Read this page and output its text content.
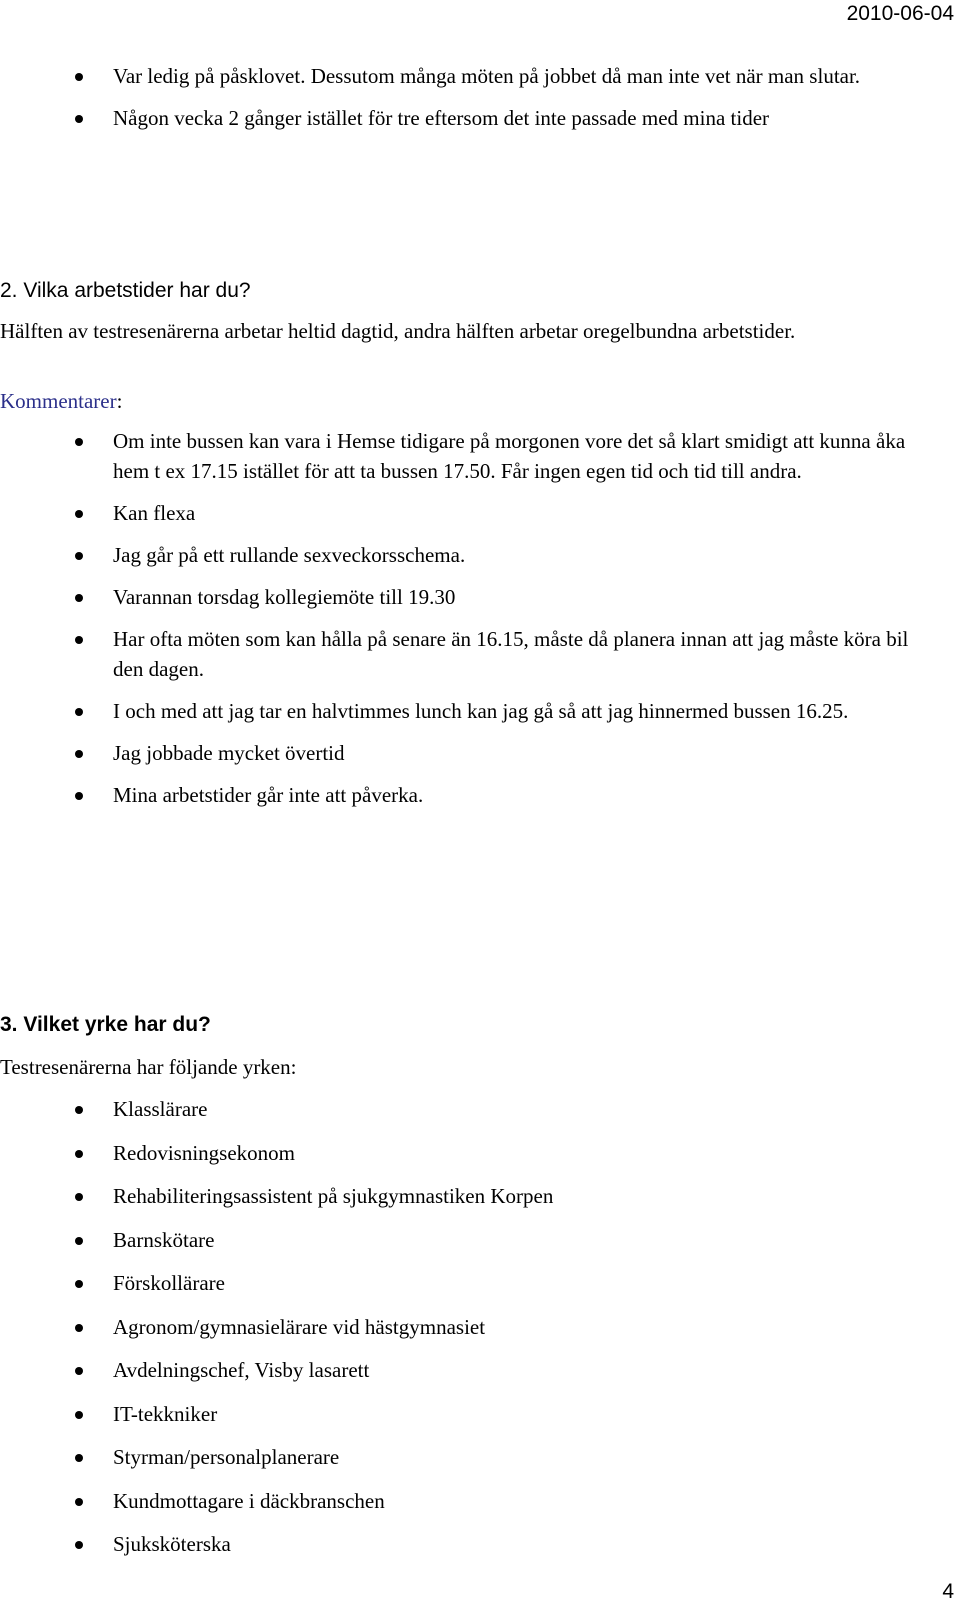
2010-06-04
Var ledig på påsklovet. Dessutom många möten på jobbet då man inte vet när man slutar.
Någon vecka 2 gånger istället för tre eftersom det inte passade med mina tider
2. Vilka arbetstider har du?
Hälften av testresenärerna arbetar heltid dagtid, andra hälften arbetar oregelbundna arbetstider.
Kommentarer:
Om inte bussen kan vara i Hemse tidigare på morgonen vore det så klart smidigt att kunna åka hem t ex 17.15 istället för att ta bussen 17.50. Får ingen egen tid och tid till andra.
Kan flexa
Jag går på ett rullande sexveckorsschema.
Varannan torsdag kollegiemöte till 19.30
Har ofta möten som kan hålla på senare än 16.15, måste då planera innan att jag måste köra bil den dagen.
I och med att jag tar en halvtimmes lunch kan jag gå så att jag hinnermed bussen 16.25.
Jag jobbade mycket övertid
Mina arbetstider går inte att påverka.
3. Vilket yrke har du?
Testresenärerna har följande yrken:
Klasslärare
Redovisningsekonom
Rehabiliteringsassistent på sjukgymnastiken Korpen
Barnskötare
Förskollärare
Agronom/gymnasielärare vid hästgymnasiet
Avdelningschef, Visby lasarett
IT-tekkniker
Styrman/personalplanerare
Kundmottagare i däckbranschen
Sjuksköterska
4
